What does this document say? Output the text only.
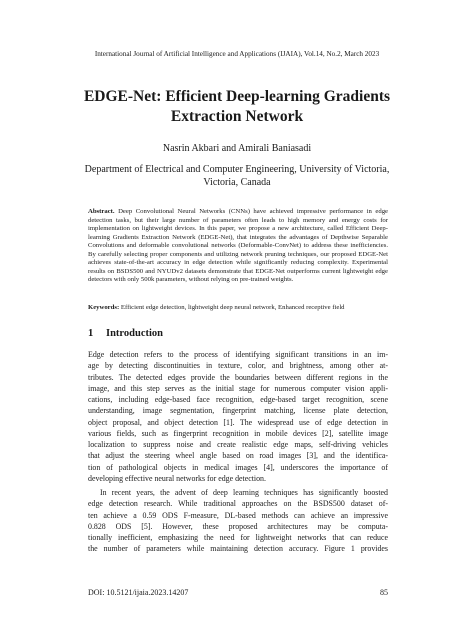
International Journal of Artificial Intelligence and Applications (IJAIA), Vol.14, No.2, March 2023
EDGE-Net: Efficient Deep-learning Gradients
Extraction Network
Nasrin Akbari and Amirali Baniasadi
Department of Electrical and Computer Engineering, University of Victoria,
Victoria, Canada
Abstract. Deep Convolutional Neural Networks (CNNs) have achieved impressive performance in edge detection tasks, but their large number of parameters often leads to high memory and energy costs for implementation on lightweight devices. In this paper, we propose a new architecture, called Efficient Deep-learning Gradients Extraction Network (EDGE-Net), that integrates the advantages of Depthwise Separable Convolutions and deformable convolutional networks (Deformable-ConvNet) to address these inefficiencies. By carefully selecting proper components and utilizing network pruning techniques, our proposed EDGE-Net achieves state-of-the-art accuracy in edge detection while significantly reducing complexity. Experimental results on BSDS500 and NYUDv2 datasets demonstrate that EDGE-Net outperforms current lightweight edge detectors with only 500k parameters, without relying on pre-trained weights.
Keywords: Efficient edge detection, lightweight deep neural network, Enhanced receptive field
1 Introduction
Edge detection refers to the process of identifying significant transitions in an im-
age by detecting discontinuities in texture, color, and brightness, among other at-
tributes. The detected edges provide the boundaries between different regions in the
image, and this step serves as the initial stage for numerous computer vision appli-
cations, including edge-based face recognition, edge-based target recognition, scene
understanding, image segmentation, fingerprint matching, license plate detection,
object proposal, and object detection [1]. The widespread use of edge detection in
various fields, such as fingerprint recognition in mobile devices [2], satellite image
localization to suppress noise and create realistic edge maps, self-driving vehicles
that adjust the steering wheel angle based on road images [3], and the identifica-
tion of pathological objects in medical images [4], underscores the importance of
developing effective neural networks for edge detection.
In recent years, the advent of deep learning techniques has significantly boosted
edge detection research. While traditional approaches on the BSDS500 dataset of-
ten achieve a 0.59 ODS F-measure, DL-based methods can achieve an impressive
0.828 ODS [5]. However, these proposed architectures may be computa-
tionally inefficient, emphasizing the need for lightweight networks that can reduce
the number of parameters while maintaining detection accuracy. Figure 1 provides
DOI: 10.5121/ijaia.2023.14207	85
